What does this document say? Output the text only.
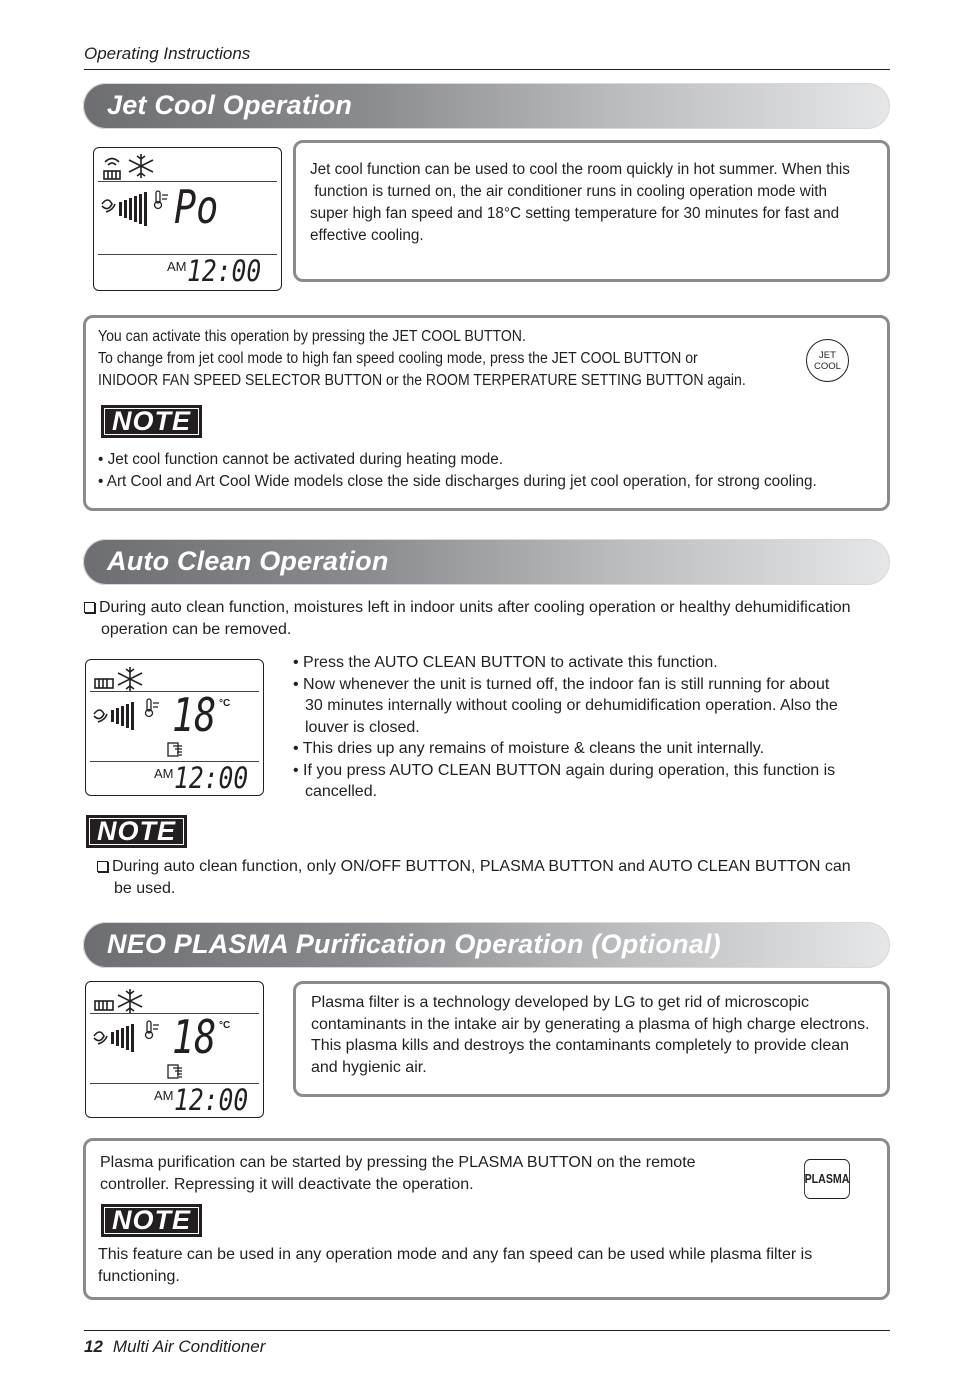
Operating Instructions
Jet Cool Operation
Po
AM 12:00
Jet cool function can be used to cool the room quickly in hot summer. When this
function is turned on, the air conditioner runs in cooling operation mode with
super high fan speed and 18°C setting temperature for 30 minutes for fast and
effective cooling.
You can activate this operation by pressing the JET COOL BUTTON.
To change from jet cool mode to high fan speed cooling mode, press the JET COOL BUTTON or
INIDOOR FAN SPEED SELECTOR BUTTON or the ROOM TERPERATURE SETTING BUTTON again.
JET
COOL
NOTE
• Jet cool function cannot be activated during heating mode.
• Art Cool and Art Cool Wide models close the side discharges during jet cool operation, for strong cooling.
Auto Clean Operation
During auto clean function, moistures left in indoor units after cooling operation or healthy dehumidification
operation can be removed.
18 °C
AM 12:00
• Press the AUTO CLEAN BUTTON to activate this function.
• Now whenever the unit is turned off, the indoor fan is still running for about
30 minutes internally without cooling or dehumidification operation. Also the
louver is closed.
• This dries up any remains of moisture & cleans the unit internally.
• If you press AUTO CLEAN BUTTON again during operation, this function is
cancelled.
NOTE
During auto clean function, only ON/OFF BUTTON, PLASMA BUTTON and AUTO CLEAN BUTTON can
be used.
NEO PLASMA Purification Operation (Optional)
18 °C
AM 12:00
Plasma filter is a technology developed by LG to get rid of microscopic
contaminants in the intake air by generating a plasma of high charge electrons.
This plasma kills and destroys the contaminants completely to provide clean
and hygienic air.
Plasma purification can be started by pressing the PLASMA BUTTON on the remote
controller. Repressing it will deactivate the operation.	PLASMA
NOTE
This feature can be used in any operation mode and any fan speed can be used while plasma filter is
functioning.
12 Multi Air Conditioner
